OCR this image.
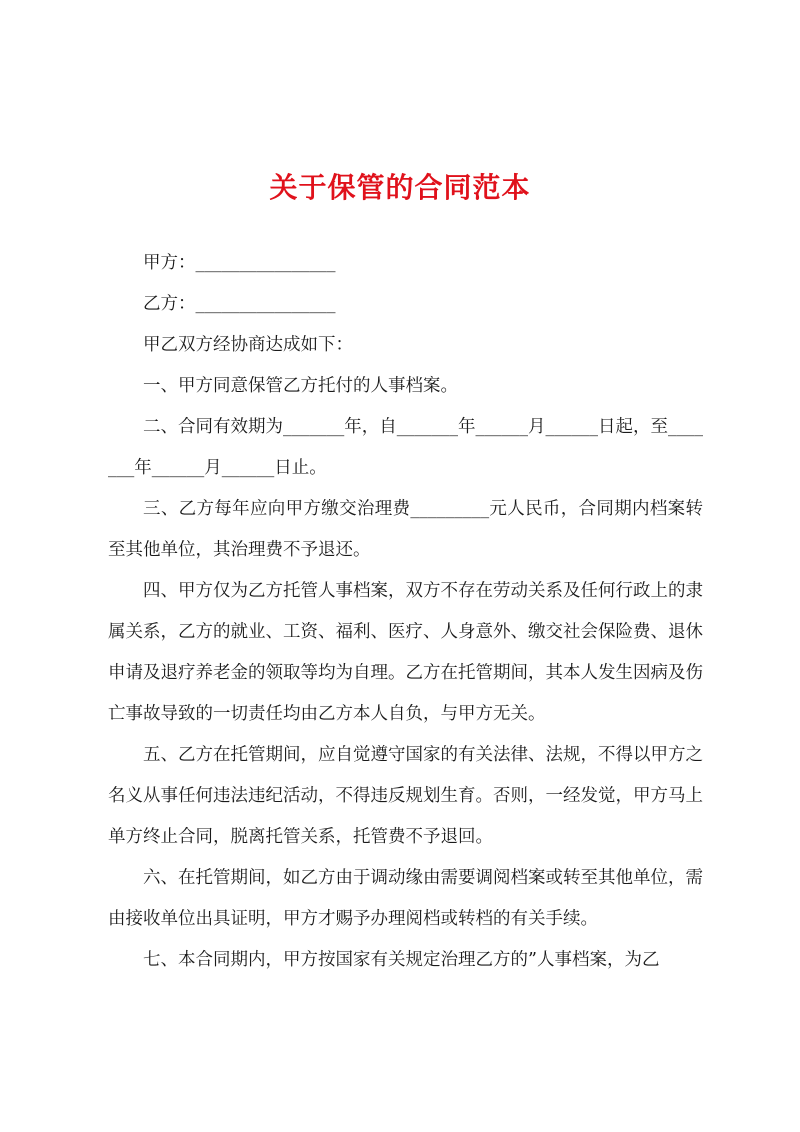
关于保管的合同范本

甲方：________________

乙方：________________

甲乙双方经协商达成如下：

一、甲方同意保管乙方托付的人事档案。

二、合同有效期为_______年，自_______年______月______日起，至_______年______月______日止。

三、乙方每年应向甲方缴交治理费_________元人民币，合同期内档案转至其他单位，其治理费不予退还。

四、甲方仅为乙方托管人事档案，双方不存在劳动关系及任何行政上的隶属关系，乙方的就业、工资、福利、医疗、人身意外、缴交社会保险费、退休申请及退疗养老金的领取等均为自理。乙方在托管期间，其本人发生因病及伤亡事故导致的一切责任均由乙方本人自负，与甲方无关。

五、乙方在托管期间，应自觉遵守国家的有关法律、法规，不得以甲方之名义从事任何违法违纪活动，不得违反规划生育。否则，一经发觉，甲方马上单方终止合同，脱离托管关系，托管费不予退回。

六、在托管期间，如乙方由于调动缘由需要调阅档案或转至其他单位，需由接收单位出具证明，甲方才赐予办理阅档或转档的有关手续。

七、本合同期内，甲方按国家有关规定治理乙方的”人事档案，为乙
